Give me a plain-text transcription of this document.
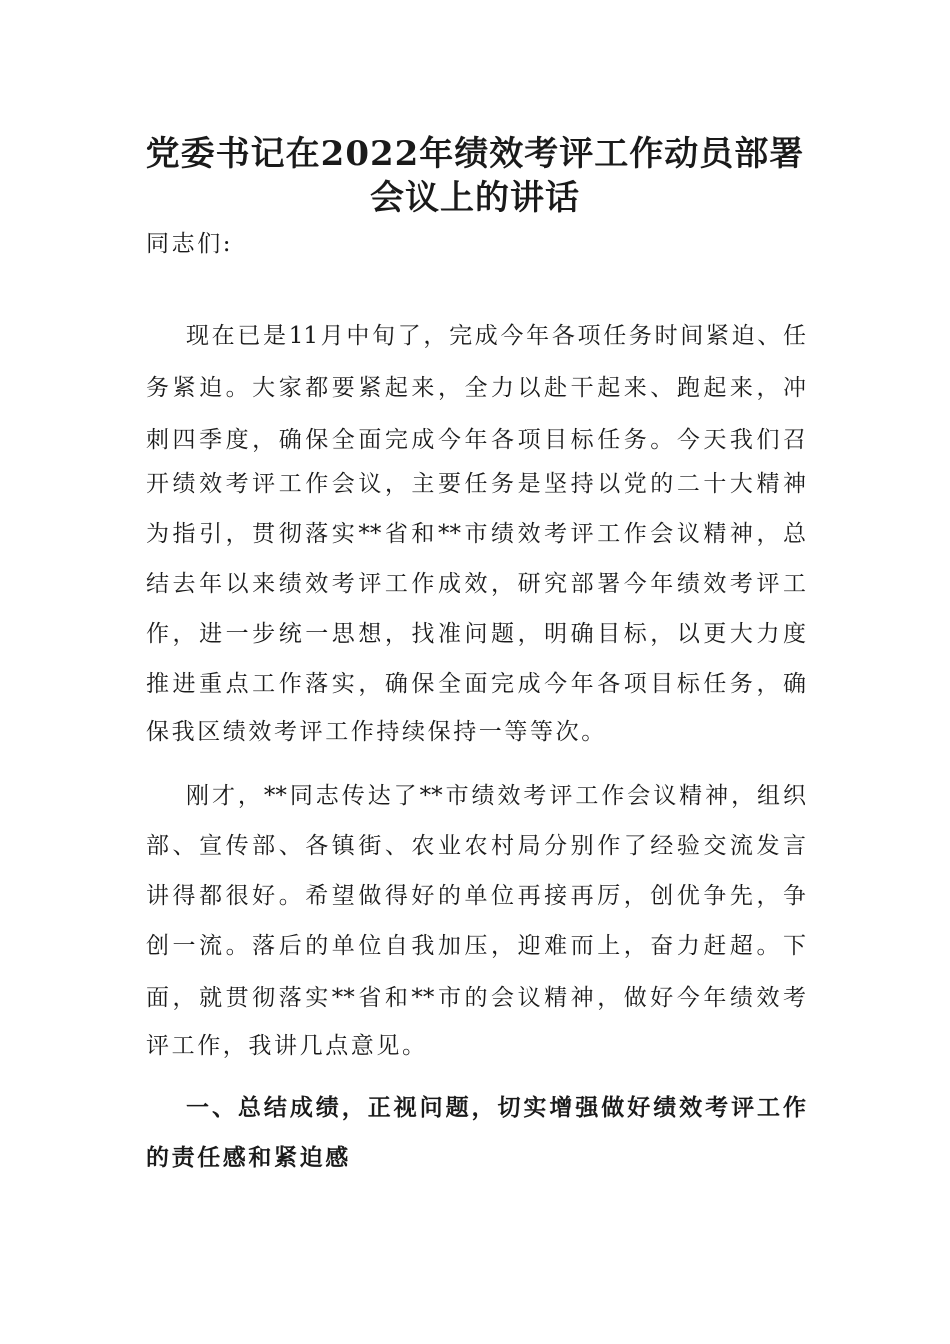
党委书记在2022年绩效考评工作动员部署
会议上的讲话
同志们:
现在已是11月中旬了，完成今年各项任务时间紧迫、任
务紧迫。大家都要紧起来，全力以赴干起来、跑起来，冲
刺四季度，确保全面完成今年各项目标任务。今天我们召
开绩效考评工作会议，主要任务是坚持以党的二十大精神
为指引，贯彻落实**省和**市绩效考评工作会议精神，总
结去年以来绩效考评工作成效，研究部署今年绩效考评工
作，进一步统一思想，找准问题，明确目标，以更大力度
推进重点工作落实，确保全面完成今年各项目标任务，确
保我区绩效考评工作持续保持一等等次。
刚才，**同志传达了**市绩效考评工作会议精神，组织
部、宣传部、各镇街、农业农村局分别作了经验交流发言
讲得都很好。希望做得好的单位再接再厉，创优争先，争
创一流。落后的单位自我加压，迎难而上，奋力赶超。下
面，就贯彻落实**省和**市的会议精神，做好今年绩效考
评工作，我讲几点意见。
一、总结成绩，正视问题，切实增强做好绩效考评工作
的责任感和紧迫感
